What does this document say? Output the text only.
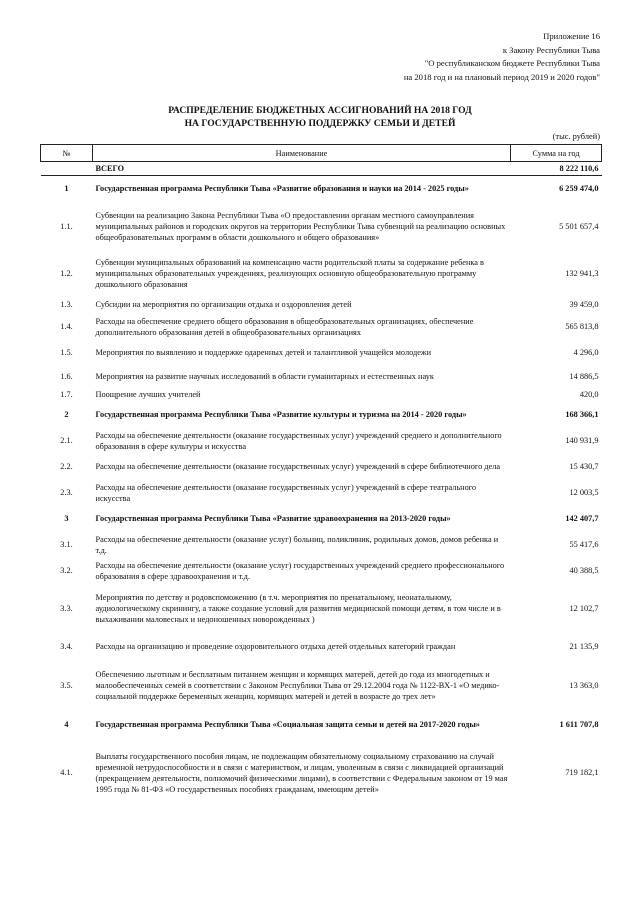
Приложение 16
к Закону Республики Тыва
"О республиканском бюджете Республики Тыва
на 2018 год и на плановый период 2019 и 2020 годов"
РАСПРЕДЕЛЕНИЕ БЮДЖЕТНЫХ АССИГНОВАНИЙ НА 2018 ГОД
НА ГОСУДАРСТВЕННУЮ ПОДДЕРЖКУ СЕМЬИ И ДЕТЕЙ
(тыс. рублей)
№	Наименование	Сумма на год
	ВСЕГО	8 222 110,6
1	Государственная программа Республики Тыва «Развитие образования и науки на 2014 - 2025 годы»	6 259 474,0
1.1.	Субвенции на реализацию Закона Республики Тыва «О предоставлении органам местного самоуправления муниципальных районов и городских округов на территории Республики Тыва субвенций на реализацию основных общеобразовательных программ в области дошкольного и общего образования»	5 501 657,4
1.2.	Субвенции муниципальных образований на компенсацию части родительской платы за содержание ребенка в муниципальных образовательных учреждениях, реализующих основную общеобразовательную программу дошкольного образования	132 941,3
1.3.	Субсидии на мероприятия по организации отдыха и оздоровления детей	39 459,0
1.4.	Расходы на обеспечение среднего общего образования в общеобразовательных организациях, обеспечение дополнительного образования детей в общеобразовательных организациях	565 813,8
1.5.	Мероприятия по выявлению и поддержке одаренных детей и талантливой учащейся молодежи	4 296,0
1.6.	Мероприятия на развитие научных исследований в области гуманитарных и естественных наук	14 886,5
1.7.	Поощрение лучших учителей	420,0
2	Государственная программа Республики Тыва «Развитие культуры и туризма на 2014 - 2020 годы»	168 366,1
2.1.	Расходы на обеспечение деятельности (оказание государственных услуг) учреждений среднего и дополнительного образования в сфере культуры и искусства	140 931,9
2.2.	Расходы на обеспечение деятельности (оказание государственных услуг) учреждений в сфере библиотечного дела	15 430,7
2.3.	Расходы на обеспечение деятельности (оказание государственных услуг) учреждений в сфере театрального искусства	12 003,5
3	Государственная программа Республики Тыва «Развитие здравоохранения на 2013-2020 годы»	142 407,7
3.1.	Расходы на обеспечение деятельности (оказание услуг) больниц, поликлиник, родильных домов, домов ребенка и т.д.	55 417,6
3.2.	Расходы на обеспечение деятельности (оказание услуг) государственных учреждений среднего профессионального образования в сфере здравоохранения и т.д.	40 388,5
3.3.	Мероприятия по детству и родовспоможению (в т.ч. мероприятия по пренатальному, неонатальному, аудиологическому скринингу, а также создание условий для развития медицинской помощи детям, в том числе и в выхаживании маловесных и недоношенных новорожденных )	12 102,7
3.4.	Расходы на организацию и проведение оздоровительного отдыха детей отдельных категорий граждан	21 135,9
3.5.	Обеспечению льготным и бесплатным питанием женщин и кормящих матерей, детей до года из многодетных и малообеспеченных семей в соответствии с Законом Республики Тыва от 29.12.2004 года № 1122-ВХ-1 «О медико-социальной поддержке беременных женщин, кормящих матерей и детей в возрасте до трех лет»	13 363,0
4	Государственная программа Республики Тыва «Социальная защита семьи и детей на 2017-2020 годы»	1 611 707,8
4.1.	Выплаты государственного пособия лицам, не подлежащим обязательному социальному страхованию на случай временной нетрудоспособности и в связи с материнством, и лицам, уволенным в связи с ликвидацией организаций (прекращением деятельности, полномочий физическими лицами), в соответствии с Федеральным законом от 19 мая 1995 года № 81-ФЗ «О государственных пособиях гражданам, имеющим детей»	719 182,1
